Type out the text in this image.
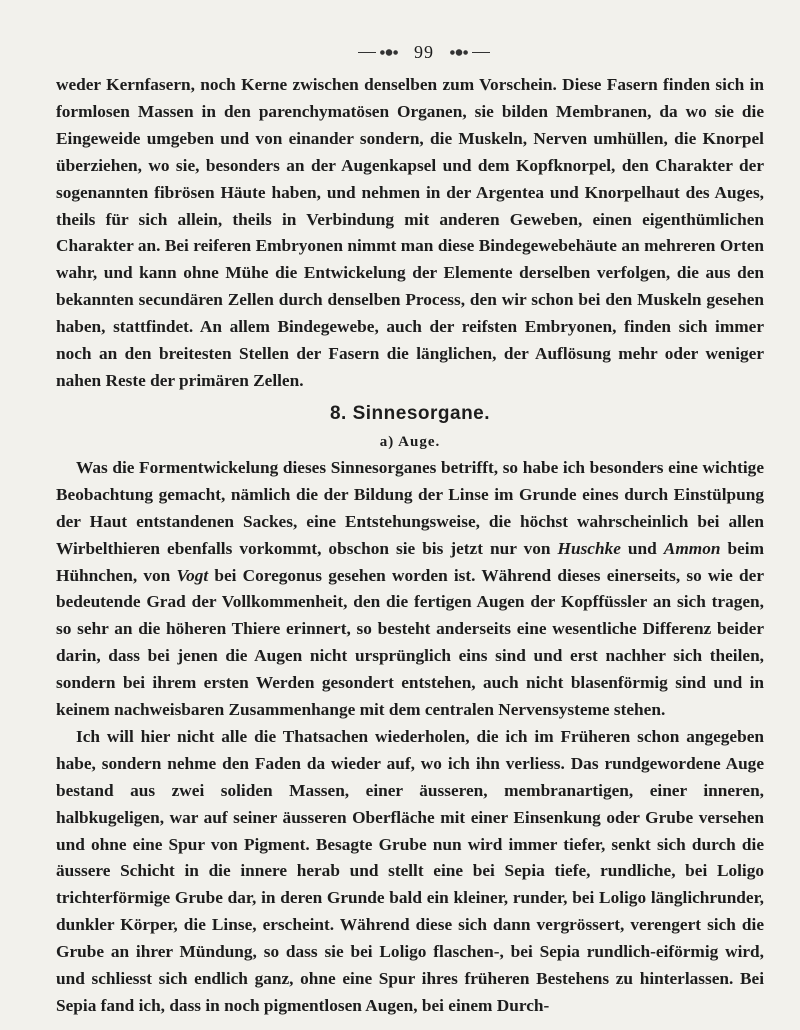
99

weder Kernfasern, noch Kerne zwischen denselben zum Vorschein. Diese Fasern finden sich in formlosen Massen in den parenchymatösen Organen, sie bilden Membranen, da wo sie die Eingeweide umgeben und von einander sondern, die Muskeln, Nerven umhüllen, die Knorpel überziehen, wo sie, besonders an der Augenkapsel und dem Kopfknorpel, den Charakter der sogenannten fibrösen Häute haben, und nehmen in der Argentea und Knorpelhaut des Auges, theils für sich allein, theils in Verbindung mit anderen Geweben, einen eigenthümlichen Charakter an. Bei reiferen Embryonen nimmt man diese Bindegewebehäute an mehreren Orten wahr, und kann ohne Mühe die Entwickelung der Elemente derselben verfolgen, die aus den bekannten secundären Zellen durch denselben Process, den wir schon bei den Muskeln gesehen haben, stattfindet. An allem Bindegewebe, auch der reifsten Embryonen, finden sich immer noch an den breitesten Stellen der Fasern die länglichen, der Auflösung mehr oder weniger nahen Reste der primären Zellen.

8. Sinnesorgane.
a) Auge.

Was die Formentwickelung dieses Sinnesorganes betrifft, so habe ich besonders eine wichtige Beobachtung gemacht, nämlich die der Bildung der Linse im Grunde eines durch Einstülpung der Haut entstandenen Sackes, eine Entstehungsweise, die höchst wahrscheinlich bei allen Wirbelthieren ebenfalls vorkommt, obschon sie bis jetzt nur von Huschke und Ammon beim Hühnchen, von Vogt bei Coregonus gesehen worden ist. Während dieses einerseits, so wie der bedeutende Grad der Vollkommenheit, den die fertigen Augen der Kopffüssler an sich tragen, so sehr an die höheren Thiere erinnert, so besteht anderseits eine wesentliche Differenz beider darin, dass bei jenen die Augen nicht ursprünglich eins sind und erst nachher sich theilen, sondern bei ihrem ersten Werden gesondert entstehen, auch nicht blasenförmig sind und in keinem nachweisbaren Zusammenhange mit dem centralen Nervensysteme stehen.

Ich will hier nicht alle die Thatsachen wiederholen, die ich im Früheren schon angegeben habe, sondern nehme den Faden da wieder auf, wo ich ihn verliess. Das rundgewordene Auge bestand aus zwei soliden Massen, einer äusseren, membranartigen, einer inneren, halbkugeligen, war auf seiner äusseren Oberfläche mit einer Einsenkung oder Grube versehen und ohne eine Spur von Pigment. Besagte Grube nun wird immer tiefer, senkt sich durch die äussere Schicht in die innere herab und stellt eine bei Sepia tiefe, rundliche, bei Loligo trichterförmige Grube dar, in deren Grunde bald ein kleiner, runder, bei Loligo länglichrunder, dunkler Körper, die Linse, erscheint. Während diese sich dann vergrössert, verengert sich die Grube an ihrer Mündung, so dass sie bei Loligo flaschen-, bei Sepia rundlich-eiförmig wird, und schliesst sich endlich ganz, ohne eine Spur ihres früheren Bestehens zu hinterlassen. Bei Sepia fand ich, dass in noch pigmentlosen Augen, bei einem Durch-
